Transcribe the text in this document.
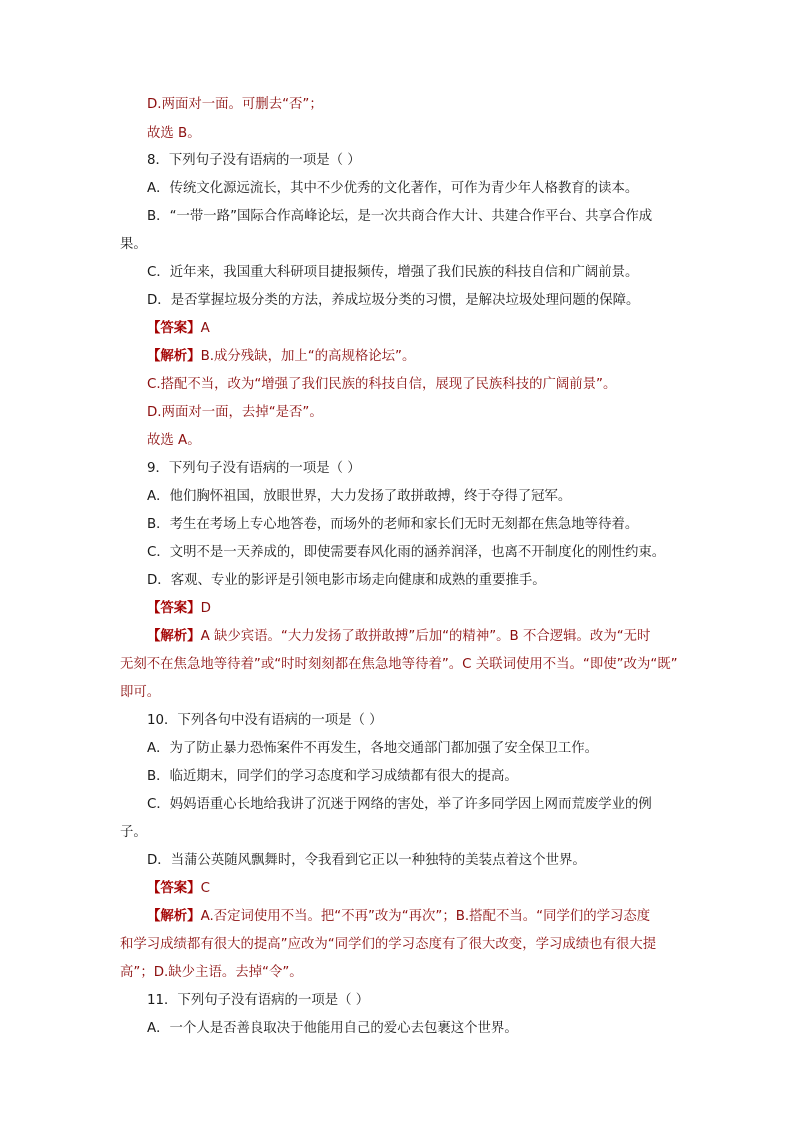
D.两面对一面。可删去“否”；
故选 B。
8．下列句子没有语病的一项是（ ）
A．传统文化源远流长，其中不少优秀的文化著作，可作为青少年人格教育的读本。
B．“一带一路”国际合作高峰论坛，是一次共商合作大计、共建合作平台、共享合作成
果。
C．近年来，我国重大科研项目捷报频传，增强了我们民族的科技自信和广阔前景。
D．是否掌握垃圾分类的方法，养成垃圾分类的习惯，是解决垃圾处理问题的保障。
【答案】A
【解析】B.成分残缺，加上“的高规格论坛”。
C.搭配不当，改为“增强了我们民族的科技自信，展现了民族科技的广阔前景”。
D.两面对一面，去掉“是否”。
故选 A。
9．下列句子没有语病的一项是（ ）
A．他们胸怀祖国，放眼世界，大力发扬了敢拼敢搏，终于夺得了冠军。
B．考生在考场上专心地答卷，而场外的老师和家长们无时无刻都在焦急地等待着。
C．文明不是一天养成的，即使需要春风化雨的涵养润泽，也离不开制度化的刚性约束。
D．客观、专业的影评是引领电影市场走向健康和成熟的重要推手。
【答案】D
【解析】A 缺少宾语。“大力发扬了敢拼敢搏”后加“的精神”。B 不合逻辑。改为“无时
无刻不在焦急地等待着”或“时时刻刻都在焦急地等待着”。C 关联词使用不当。“即使”改为“既”
即可。
10．下列各句中没有语病的一项是（ ）
A．为了防止暴力恐怖案件不再发生，各地交通部门都加强了安全保卫工作。
B．临近期末，同学们的学习态度和学习成绩都有很大的提高。
C．妈妈语重心长地给我讲了沉迷于网络的害处，举了许多同学因上网而荒废学业的例
子。
D．当蒲公英随风飘舞时，令我看到它正以一种独特的美装点着这个世界。
【答案】C
【解析】A.否定词使用不当。把“不再”改为“再次”；B.搭配不当。“同学们的学习态度
和学习成绩都有很大的提高”应改为“同学们的学习态度有了很大改变，学习成绩也有很大提
高”；D.缺少主语。去掉“令”。
11．下列句子没有语病的一项是（ ）
A．一个人是否善良取决于他能用自己的爱心去包裹这个世界。
